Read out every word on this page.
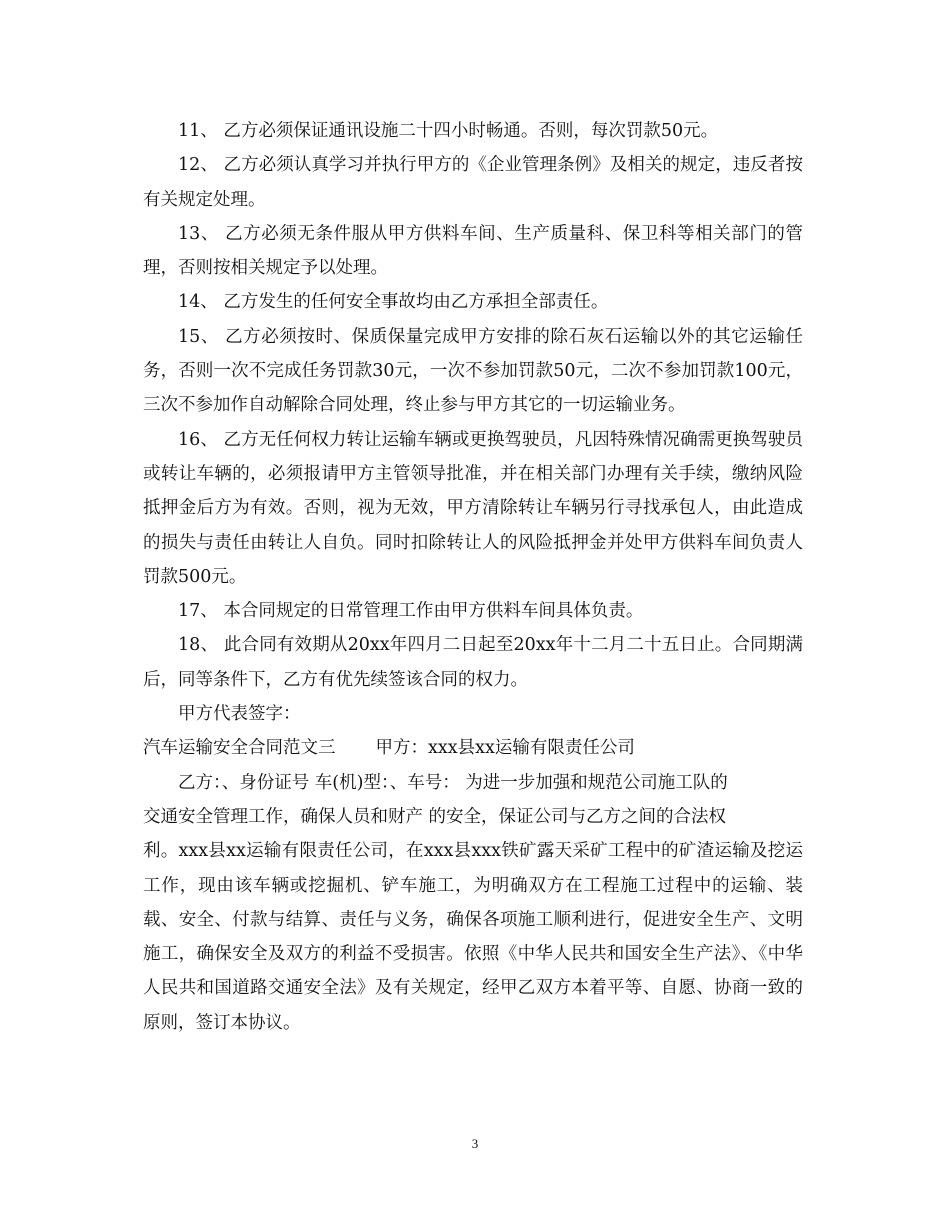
11、 乙方必须保证通讯设施二十四小时畅通。否则，每次罚款50元。

12、 乙方必须认真学习并执行甲方的《企业管理条例》及相关的规定，违反者按有关规定处理。

13、 乙方必须无条件服从甲方供料车间、生产质量科、保卫科等相关部门的管理，否则按相关规定予以处理。

14、 乙方发生的任何安全事故均由乙方承担全部责任。

15、 乙方必须按时、保质保量完成甲方安排的除石灰石运输以外的其它运输任务，否则一次不完成任务罚款30元，一次不参加罚款50元，二次不参加罚款100元，三次不参加作自动解除合同处理，终止参与甲方其它的一切运输业务。

16、 乙方无任何权力转让运输车辆或更换驾驶员，凡因特殊情况确需更换驾驶员或转让车辆的，必须报请甲方主管领导批准，并在相关部门办理有关手续，缴纳风险抵押金后方为有效。否则，视为无效，甲方清除转让车辆另行寻找承包人，由此造成的损失与责任由转让人自负。同时扣除转让人的风险抵押金并处甲方供料车间负责人罚款500元。

17、 本合同规定的日常管理工作由甲方供料车间具体负责。

18、 此合同有效期从20xx年四月二日起至20xx年十二月二十五日止。合同期满后，同等条件下，乙方有优先续签该合同的权力。

甲方代表签字：

汽车运输安全合同范文三 甲方：xxx县xx运输有限责任公司

乙方：、身份证号 车(机)型：、车号： 为进一步加强和规范公司施工队的

交通安全管理工作，确保人员和财产 的安全，保证公司与乙方之间的合法权

利。xxx县xx运输有限责任公司，在xxx县xxx铁矿露天采矿工程中的矿渣运输及挖运工作，现由该车辆或挖掘机、铲车施工，为明确双方在工程施工过程中的运输、装载、安全、付款与结算、责任与义务，确保各项施工顺利进行，促进安全生产、文明施工，确保安全及双方的利益不受损害。依照《中华人民共和国安全生产法》、《中华人民共和国道路交通安全法》及有关规定，经甲乙双方本着平等、自愿、协商一致的原则，签订本协议。

3
